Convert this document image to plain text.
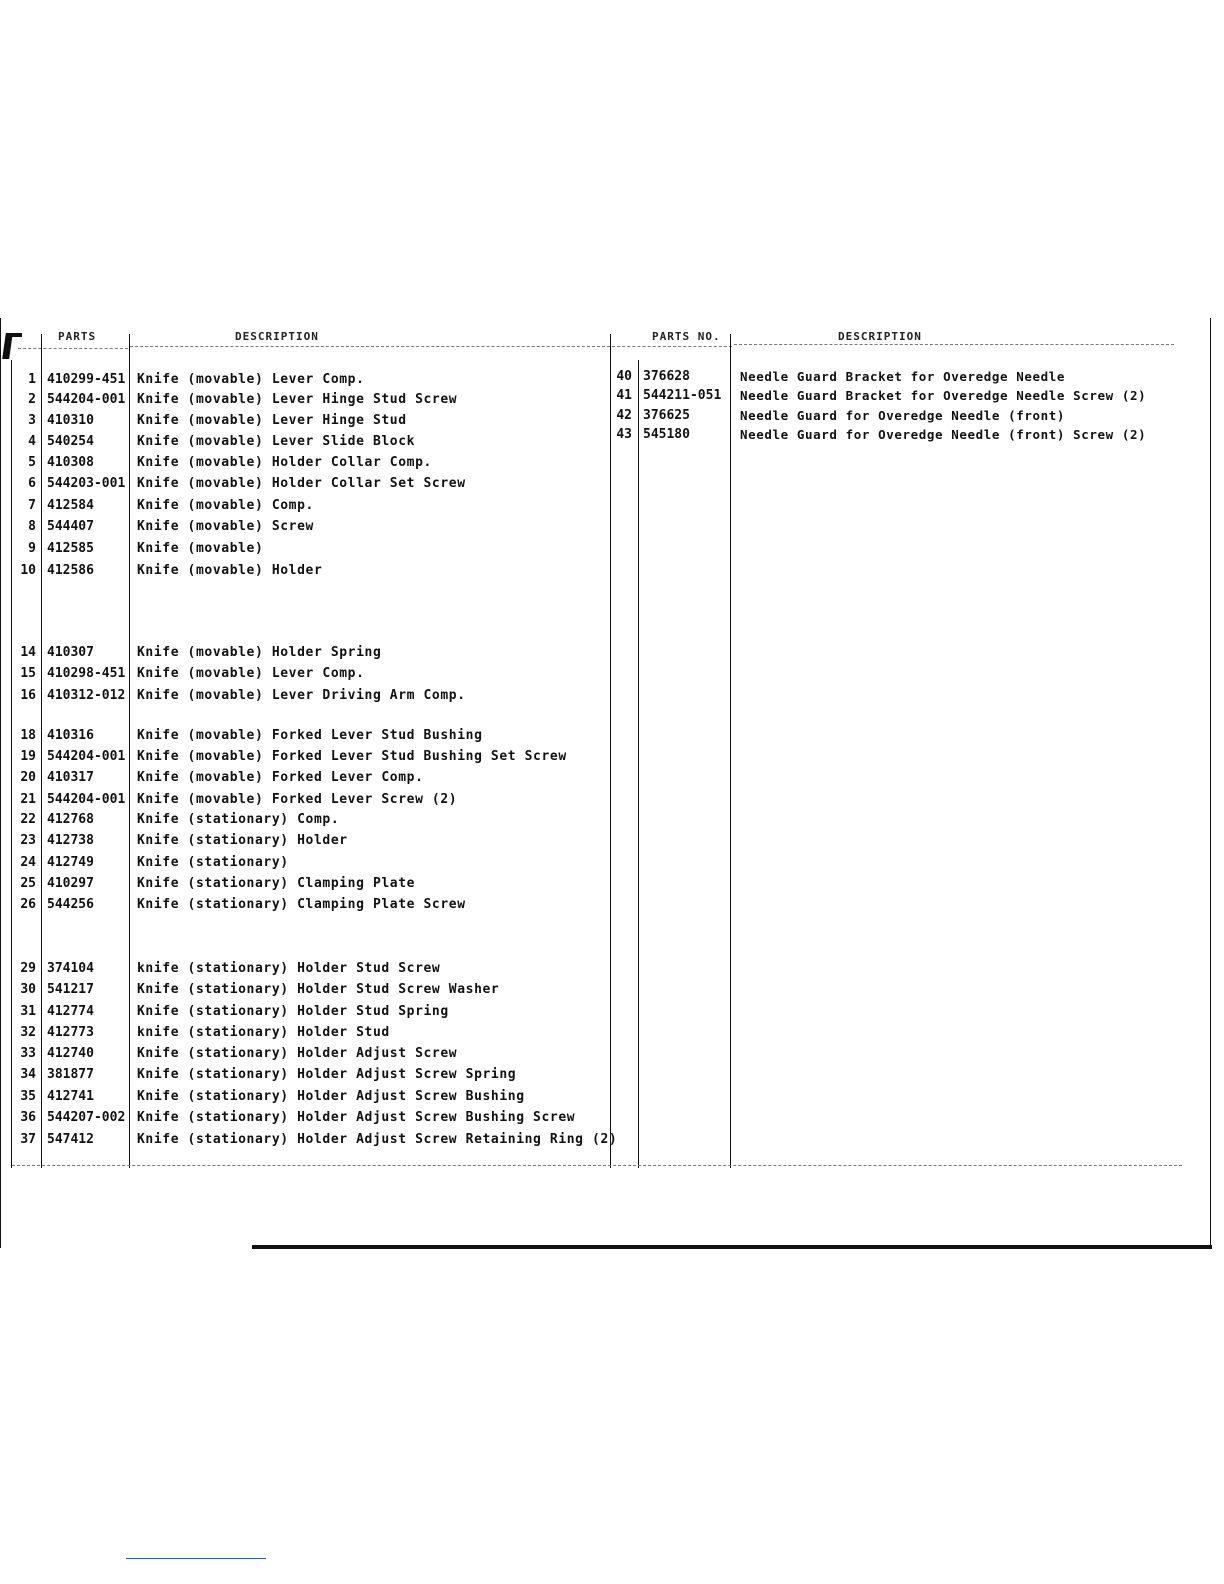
PARTS	DESCRIPTION	PARTS NO.	DESCRIPTION
1 410299-451 Knife (movable) Lever Comp.
2 544204-001 Knife (movable) Lever Hinge Stud Screw
3 410310	Knife (movable) Lever Hinge Stud
4 540254	Knife (movable) Lever Slide Block
5 410308	Knife (movable) Holder Collar Comp.
6 544203-001 Knife (movable) Holder Collar Set Screw
7 412584	Knife (movable) Comp.
8 544407	Knife (movable) Screw
9 412585	Knife (movable)
10 412586	Knife (movable) Holder
14 410307	Knife (movable) Holder Spring
15 410298-451 Knife (movable) Lever Comp.
16 410312-012 Knife (movable) Lever Driving Arm Comp.
18 410316	Knife (movable) Forked Lever Stud Bushing
19 544204-001 Knife (movable) Forked Lever Stud Bushing Set Screw
20 410317	Knife (movable) Forked Lever Comp.
21 544204-001 Knife (movable) Forked Lever Screw (2)
22 412768	Knife (stationary) Comp.
23 412738	Knife (stationary) Holder
24 412749	Knife (stationary)
25 410297	Knife (stationary) Clamping Plate
26 544256	Knife (stationary) Clamping Plate Screw
29 374104	knife (stationary) Holder Stud Screw
30 541217	Knife (stationary) Holder Stud Screw Washer
31 412774	Knife (stationary) Holder Stud Spring
32 412773	knife (stationary) Holder Stud
33 412740	Knife (stationary) Holder Adjust Screw
34 381877	Knife (stationary) Holder Adjust Screw Spring
35 412741	Knife (stationary) Holder Adjust Screw Bushing
36 544207-002 Knife (stationary) Holder Adjust Screw Bushing Screw
37 547412	Knife (stationary) Holder Adjust Screw Retaining Ring (2)
40 376628	Needle Guard Bracket for Overedge Needle
41 544211-051 Needle Guard Bracket for Overedge Needle Screw (2)
42 376625	Needle Guard for Overedge Needle (front)
43 545180	Needle Guard for Overedge Needle (front) Screw (2)
